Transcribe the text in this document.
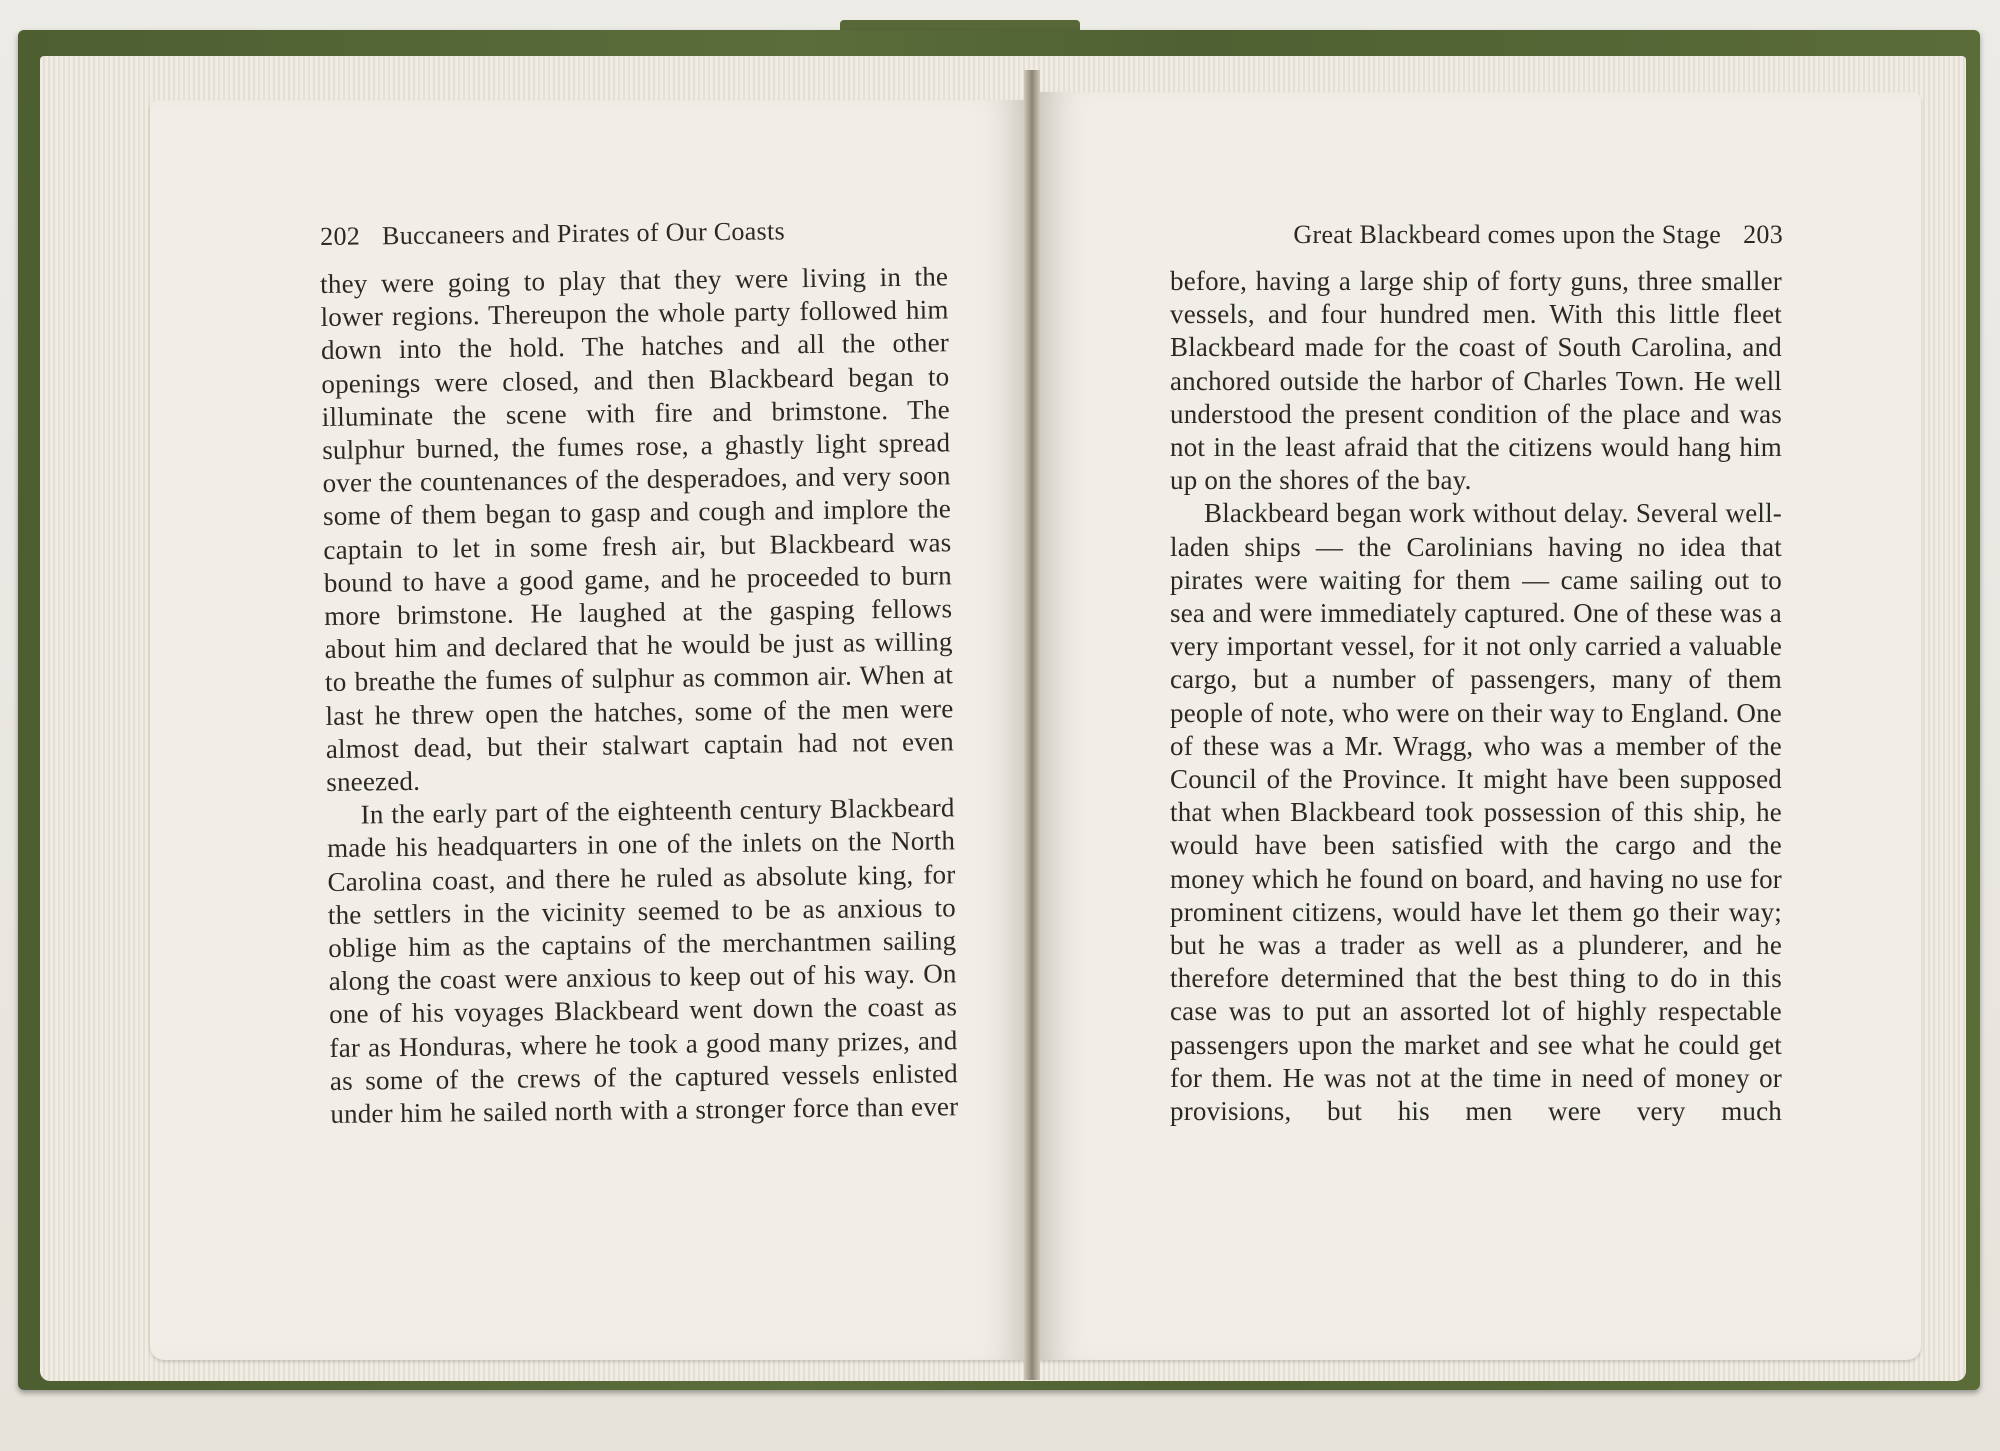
202 Buccaneers and Pirates of Our Coasts

they were going to play that they were living in the lower regions. Thereupon the whole party followed him down into the hold. The hatches and all the other openings were closed, and then Blackbeard began to illuminate the scene with fire and brimstone. The sulphur burned, the fumes rose, a ghastly light spread over the countenances of the desperadoes, and very soon some of them began to gasp and cough and implore the captain to let in some fresh air, but Blackbeard was bound to have a good game, and he proceeded to burn more brimstone. He laughed at the gasping fellows about him and declared that he would be just as willing to breathe the fumes of sulphur as common air. When at last he threw open the hatches, some of the men were almost dead, but their stalwart captain had not even sneezed.

In the early part of the eighteenth century Blackbeard made his headquarters in one of the inlets on the North Carolina coast, and there he ruled as absolute king, for the settlers in the vicinity seemed to be as anxious to oblige him as the captains of the merchantmen sailing along the coast were anxious to keep out of his way. On one of his voyages Blackbeard went down the coast as far as Honduras, where he took a good many prizes, and as some of the crews of the captured vessels enlisted under him he sailed north with a stronger force than ever

Great Blackbeard comes upon the Stage 203

before, having a large ship of forty guns, three smaller vessels, and four hundred men. With this little fleet Blackbeard made for the coast of South Carolina, and anchored outside the harbor of Charles Town. He well understood the present condition of the place and was not in the least afraid that the citizens would hang him up on the shores of the bay.

Blackbeard began work without delay. Several well-laden ships — the Carolinians having no idea that pirates were waiting for them — came sailing out to sea and were immediately captured. One of these was a very important vessel, for it not only carried a valuable cargo, but a number of passengers, many of them people of note, who were on their way to England. One of these was a Mr. Wragg, who was a member of the Council of the Province. It might have been supposed that when Blackbeard took possession of this ship, he would have been satisfied with the cargo and the money which he found on board, and having no use for prominent citizens, would have let them go their way; but he was a trader as well as a plunderer, and he therefore determined that the best thing to do in this case was to put an assorted lot of highly respectable passengers upon the market and see what he could get for them. He was not at the time in need of money or provisions, but his men were very much
